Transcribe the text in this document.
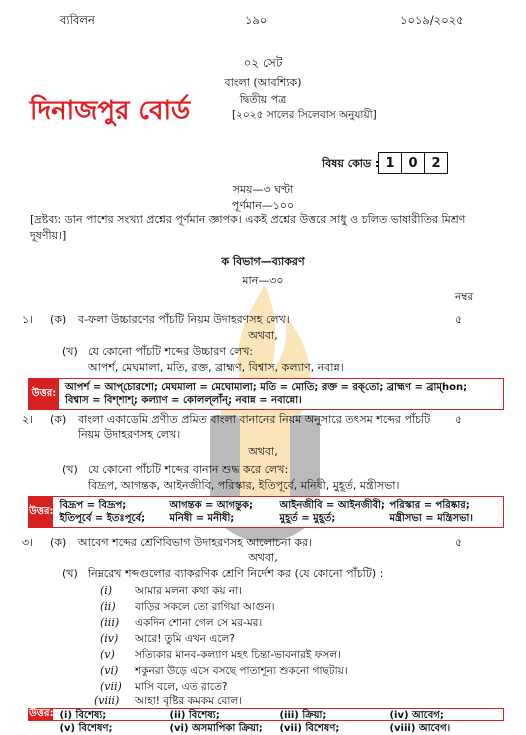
ব্যবিলন	১৯০	১০১৯/২০২৫
০২ সেট
বাংলা (আবশ্যিক)
দ্বিতীয় পত্র
[২০২৫ সালের সিলেবাস অনুযায়ী]
দিনাজপুর বোর্ড
বিষয় কোড : 1	0	2
সময়—৩ ঘণ্টা
পূর্ণমান—১০০
[দ্রষ্টব্য: ডান পাশের সংখ্যা প্রশ্নের পূর্ণমান জ্ঞাপক। একই প্রশ্নের উত্তরে সাধু ও চলিত ভাষারীতির মিশ্রণ দূষণীয়।]
ক বিভাগ—ব্যাকরণ
মান—৩০
নম্বর
১। (ক) ব-ফলা উচ্চারণের পাঁচটি নিয়ম উদাহরণসহ লেখ।	৫
অথবা,
(খ) যে কোনো পাঁচটি শব্দের উচ্চারণ লেখ:
আপর্শ, মেঘমালা, মতি, রক্ত, ব্রাহ্মণ, বিশ্বাস, কল্যাণ, নবান্ন।
উত্তর: আপর্শ = আপ্‌চোরশো; মেঘমালা = মেঘোমালা; মতি = মোতি; রক্ত = রক্‌তো; ব্রাহ্মণ = ব্রাম্‌hon;
বিশ্বাস = বিশ্‌শাশ্‌; কল্যাণ = কোলল্‌লাঁন্‌; নবান্ন = নবান্নো।
২। (ক) বাংলা একাডেমি প্রণীত প্রমিত বাংলা বানানের নিয়ম অনুসারে তৎসম শব্দের পাঁচটি নিয়ম উদাহরণসহ লেখ।
৫
অথবা,
(খ) যে কোনো পাঁচটি শব্দের বানান শুদ্ধ করে লেখ:
বিদ্রূপ, আগন্তক, আইনজীবি, পরিস্কার, ইতিপূর্বে, মনিষী, মুহূর্ত, মন্ত্রীসভা।
উত্তর: বিদ্রূপ = বিদ্রূপ;	আগন্তক = আগন্তুক;	আইনজীবি = আইনজীবী; পরিস্কার = পরিষ্কার;
ইতিপূর্বে = ইতঃপূর্বে;	মনিষী = মনীষী;	মুহূর্ত = মুহূর্ত;	মন্ত্রীসভা = মন্ত্রিসভা।
৩। (ক) আবেগ শব্দের শ্রেণিবিভাগ উদাহরণসহ আলোচনা কর।	৫
অথবা,
(খ) নিম্নরেখ শব্দগুলোর ব্যাকরণিক শ্রেণি নির্দেশ কর (যে কোনো পাঁচটি) :
(i) আমার মলনা কথা কয় না।
(ii) বাড়ির সকলে তো রাগিয়া আগুন।
(iii) একদিন শোনা গেল সে মর-মর।
(iv) আরে! তুমি এখন এলে?
(v) সত্যিকার মানব-কল্যাণ মহৎ চিন্তা-ভাবনারই ফসল।
(vi) শকুনরা উড়ে এসে বসছে পাতাশূন্য শুকনো গাছটায়।
(vii) মাসি বলে, এত রাতে?
(viii) আহা! বৃষ্টির কমকম বোল।
উত্তর: (i) বিশেষ্য;	(ii) বিশেষ্য;	(iii) ক্রিয়া;	(iv) আবেগ;
(v) বিশেষণ;	(vi) অসমাপিকা ক্রিয়া;	(vii) বিশেষণ;	(viii) আবেগ।
